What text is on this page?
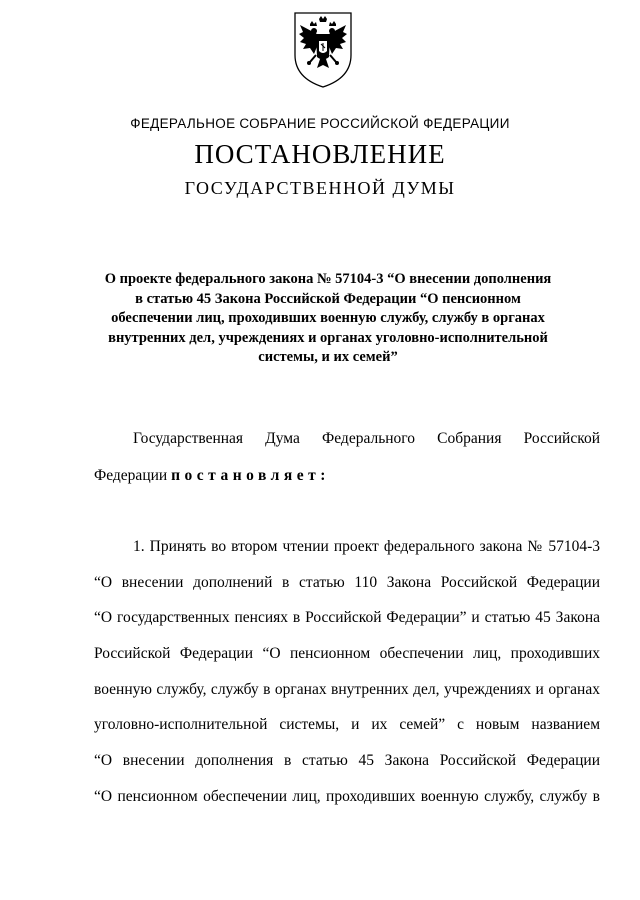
ФЕДЕРАЛЬНОЕ СОБРАНИЕ РОССИЙСКОЙ ФЕДЕРАЦИИ
ПОСТАНОВЛЕНИЕ
ГОСУДАРСТВЕННОЙ ДУМЫ
О проекте федерального закона № 57104-3 “О внесении дополнения
в статью 45 Закона Российской Федерации “О пенсионном
обеспечении лиц, проходивших военную службу, службу в органах
внутренних дел, учреждениях и органах уголовно-исполнительной
системы, и их семей”
Государственная Дума Федерального Собрания Российской
Федерации постановляет:
1. Принять во втором чтении проект федерального закона № 57104-3
“О внесении дополнений в статью 110 Закона Российской Федерации
“О государственных пенсиях в Российской Федерации” и статью 45 Закона
Российской Федерации “О пенсионном обеспечении лиц, проходивших
военную службу, службу в органах внутренних дел, учреждениях и органах
уголовно-исполнительной системы, и их семей” с новым названием
“О внесении дополнения в статью 45 Закона Российской Федерации
“О пенсионном обеспечении лиц, проходивших военную службу, службу в
